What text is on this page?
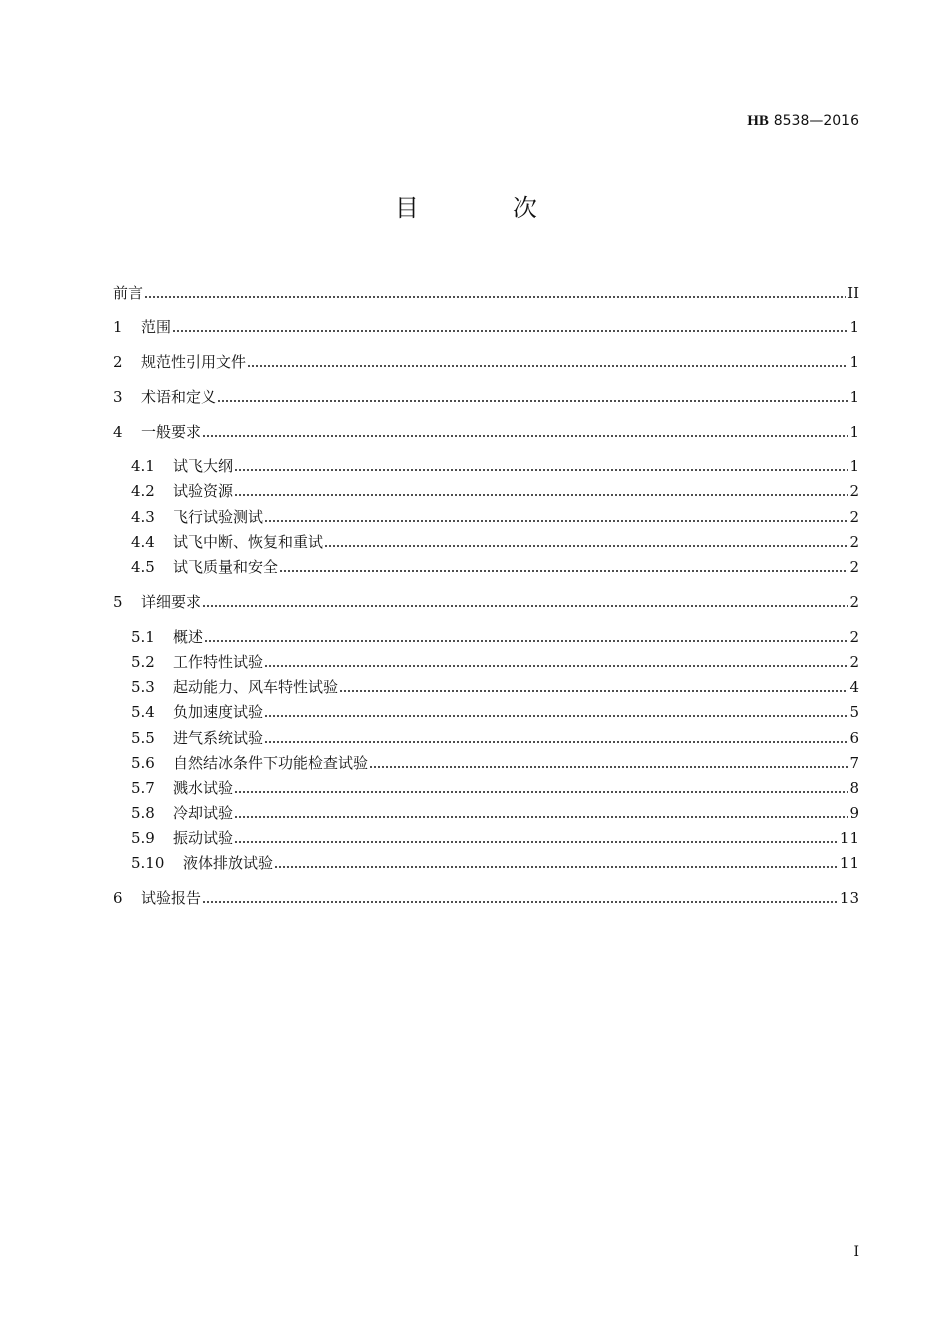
HB 8538—2016
目 次
前言	II
1	范围	1
2	规范性引用文件	1
3	术语和定义	1
4	一般要求	1
4.1	试飞大纲	1
4.2	试验资源	2
4.3	飞行试验测试	2
4.4	试飞中断、恢复和重试	2
4.5	试飞质量和安全	2
5	详细要求	2
5.1	概述	2
5.2	工作特性试验	2
5.3	起动能力、风车特性试验	4
5.4	负加速度试验	5
5.5	进气系统试验	6
5.6	自然结冰条件下功能检查试验	7
5.7	溅水试验	8
5.8	冷却试验	9
5.9	振动试验	11
5.10	液体排放试验	11
6	试验报告	13
I
